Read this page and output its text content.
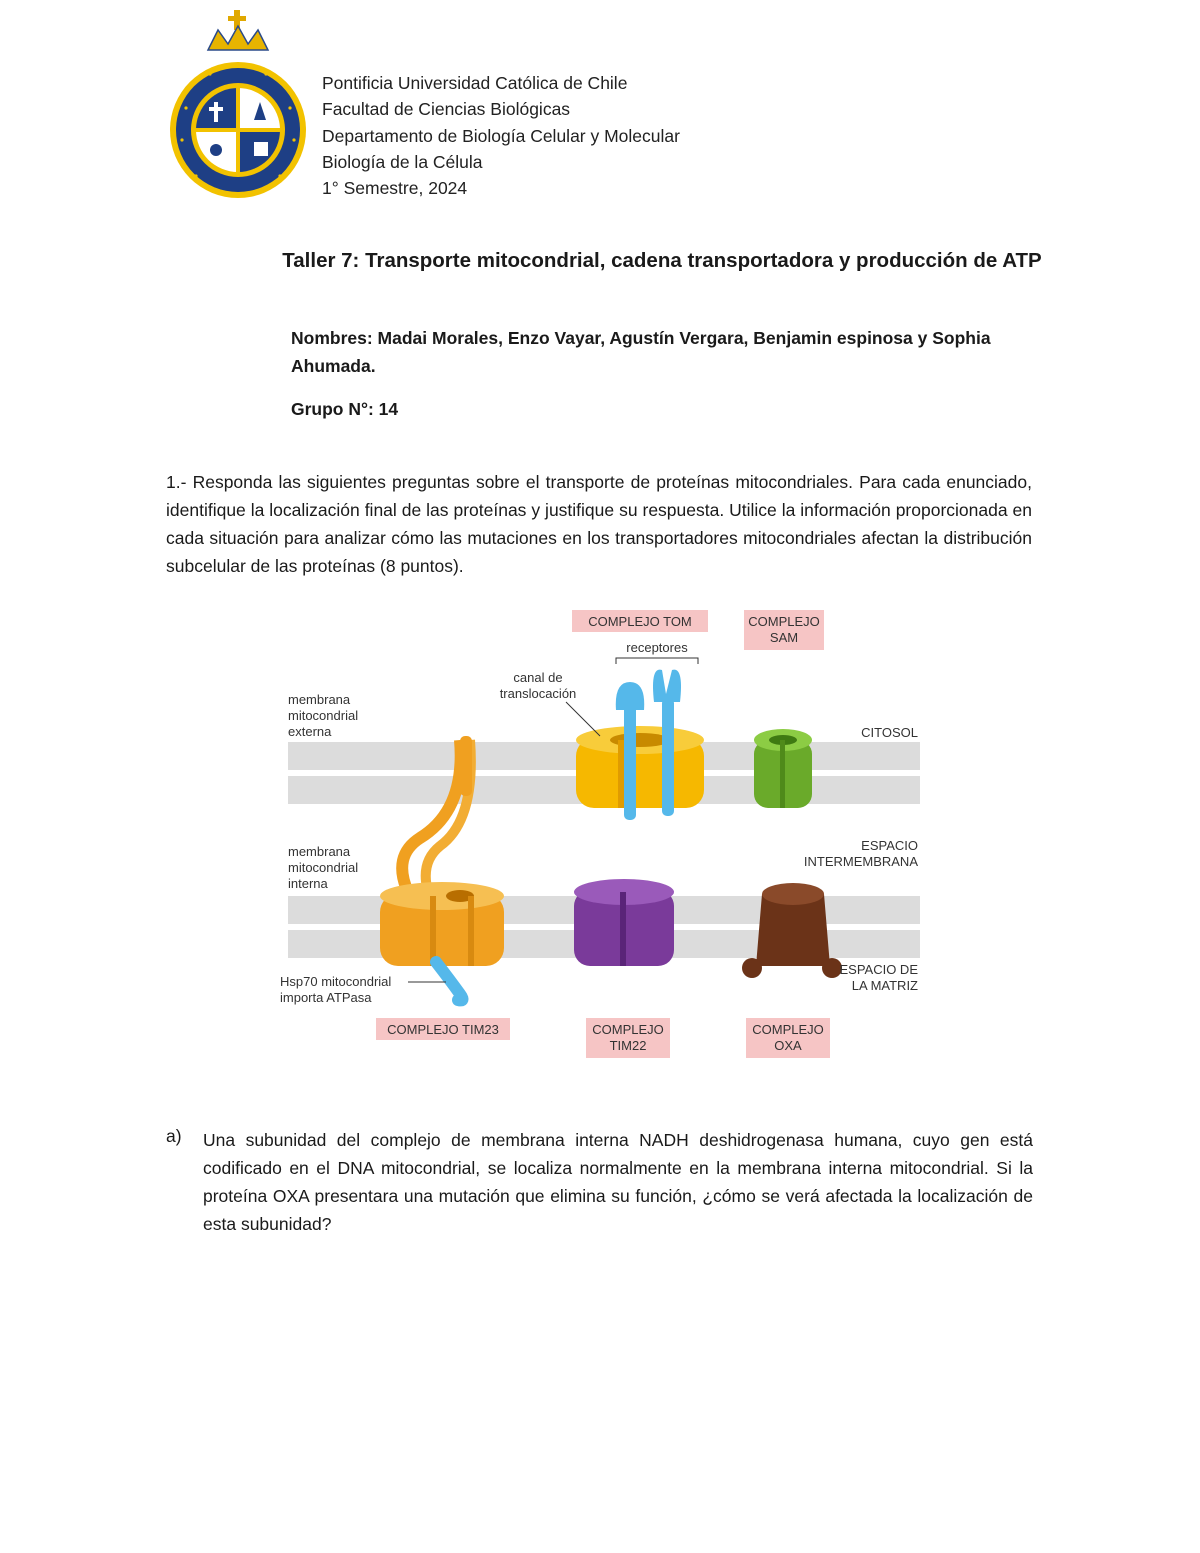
Pontificia Universidad Católica de Chile
Facultad de Ciencias Biológicas
Departamento de Biología Celular y Molecular
Biología de la Célula
1° Semestre, 2024
Taller 7: Transporte mitocondrial, cadena transportadora y producción de ATP
Nombres: Madai Morales, Enzo Vayar, Agustín Vergara, Benjamin espinosa y Sophia Ahumada.
Grupo N°: 14
1.- Responda las siguientes preguntas sobre el transporte de proteínas mitocondriales. Para cada enunciado, identifique la localización final de las proteínas y justifique su respuesta. Utilice la información proporcionada en cada situación para analizar cómo las mutaciones en los transportadores mitocondriales afectan la distribución subcelular de las proteínas (8 puntos).
COMPLEJO TOM	COMPLEJO
SAM
COMPLEJO TIM23	COMPLEJO
TIM22
COMPLEJO
OXA
receptores
canal de
translocación
membrana
mitocondrial
externa
membrana
mitocondrial
interna
Hsp70 mitocondrial
importa ATPasa
CITOSOL
ESPACIO
INTERMEMBRANA
ESPACIO DE
LA MATRIZ
a) Una subunidad del complejo de membrana interna NADH deshidrogenasa humana, cuyo gen está codificado en el DNA mitocondrial, se localiza normalmente en la membrana interna mitocondrial. Si la proteína OXA presentara una mutación que elimina su función, ¿cómo se verá afectada la localización de esta subunidad?
